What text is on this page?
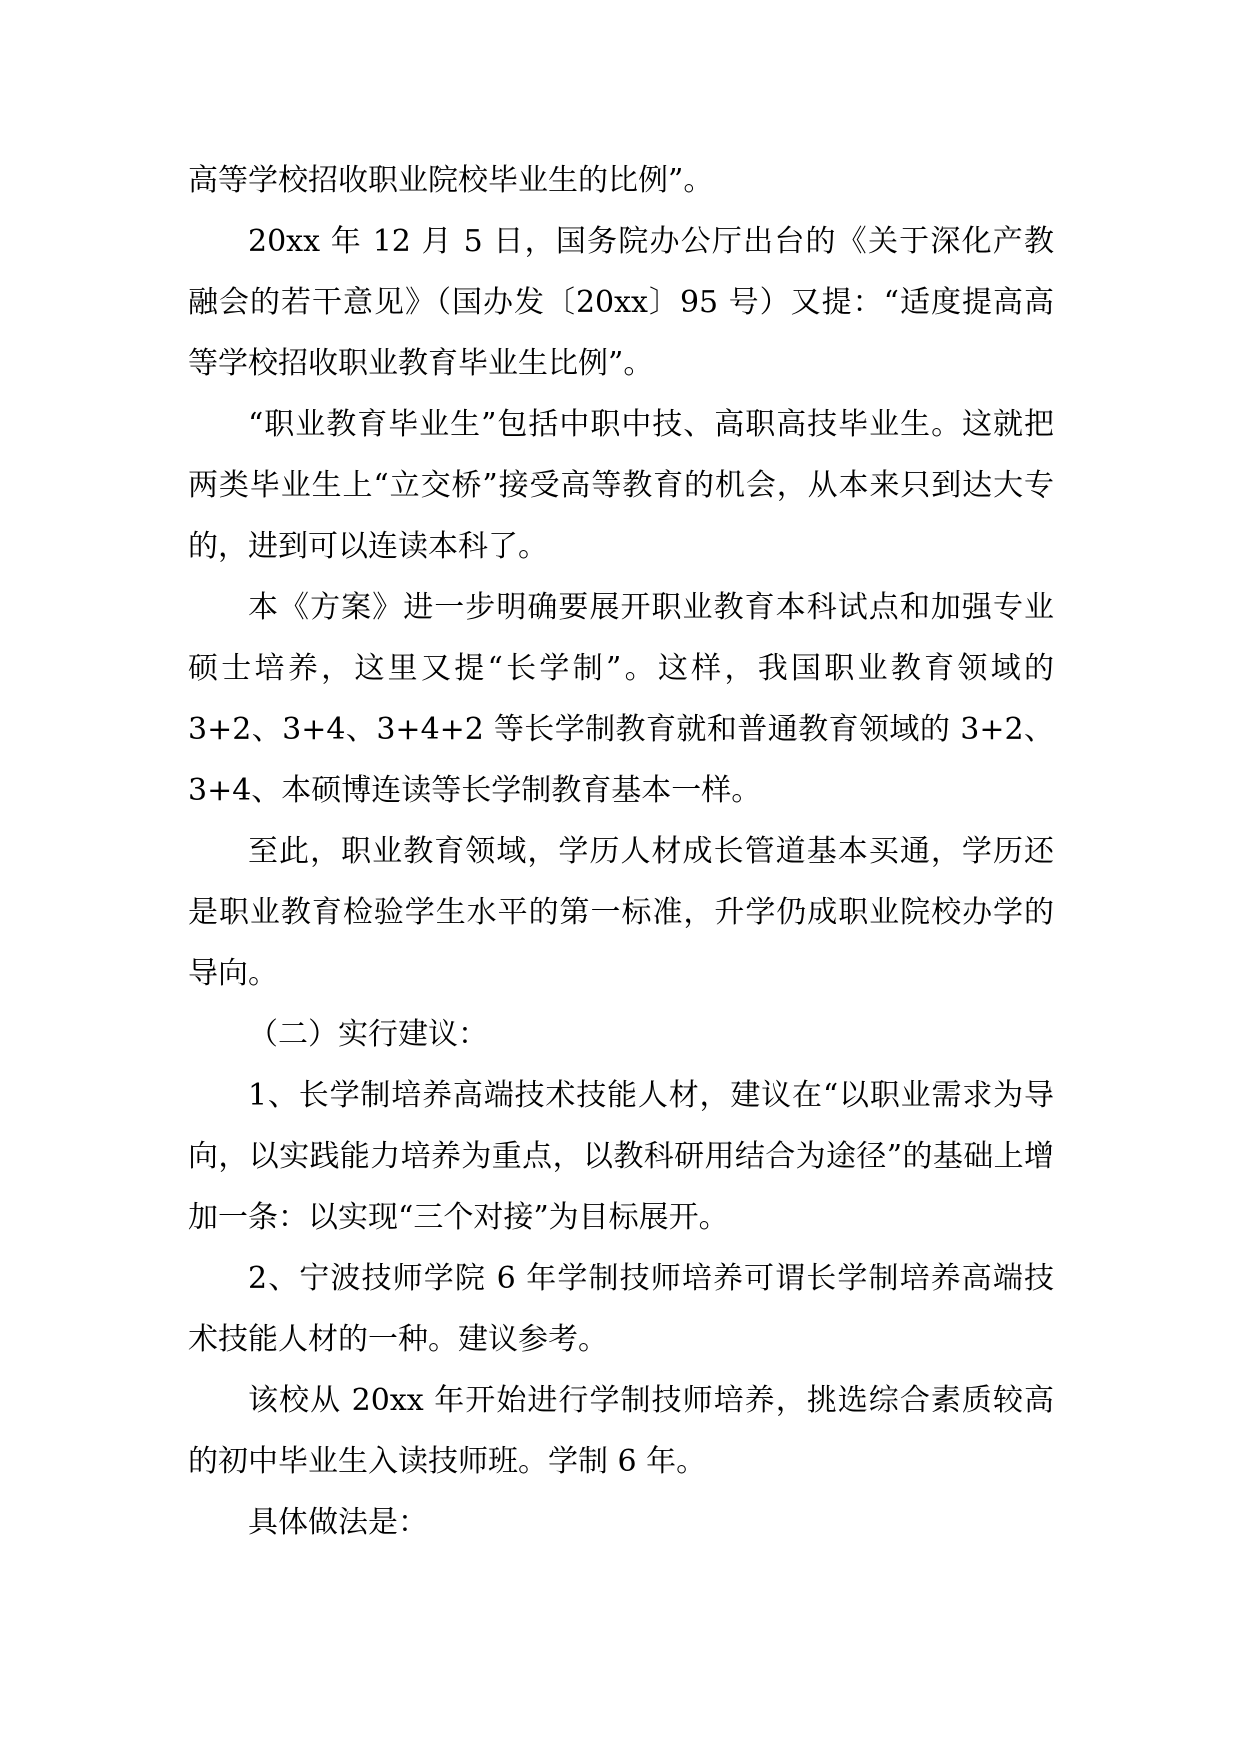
高等学校招收职业院校毕业生的比例”。

20xx 年 12 月 5 日，国务院办公厅出台的《关于深化产教融会的若干意见》（国办发〔20xx〕95 号）又提：“适度提高高等学校招收职业教育毕业生比例”。

“职业教育毕业生”包括中职中技、高职高技毕业生。这就把两类毕业生上“立交桥”接受高等教育的机会，从本来只到达大专的，进到可以连读本科了。

本《方案》进一步明确要展开职业教育本科试点和加强专业硕士培养，这里又提“长学制”。这样，我国职业教育领域的 3+2、3+4、3+4+2 等长学制教育就和普通教育领域的 3+2、3+4、本硕博连读等长学制教育基本一样。

至此，职业教育领域，学历人材成长管道基本买通，学历还是职业教育检验学生水平的第一标准，升学仍成职业院校办学的导向。

（二）实行建议：

1、长学制培养高端技术技能人材，建议在“以职业需求为导向，以实践能力培养为重点，以教科研用结合为途径”的基础上增加一条：以实现“三个对接”为目标展开。

2、宁波技师学院 6 年学制技师培养可谓长学制培养高端技术技能人材的一种。建议参考。

该校从 20xx 年开始进行学制技师培养，挑选综合素质较高的初中毕业生入读技师班。学制 6 年。

具体做法是：
